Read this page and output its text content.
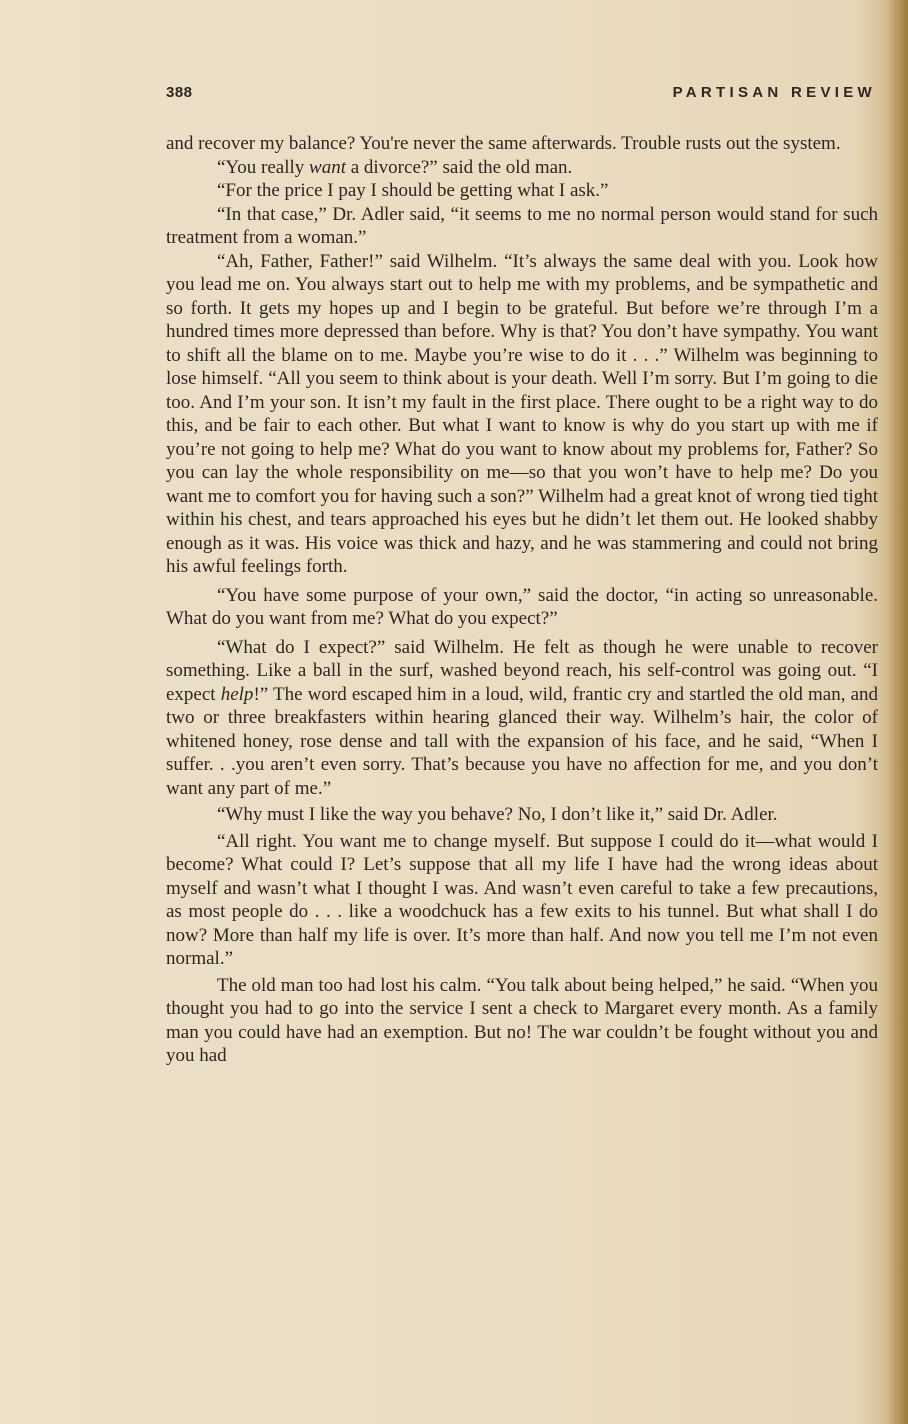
388	PARTISAN REVIEW

and recover my balance? You're never the same afterwards. Trouble rusts out the system.

“You really want a divorce?” said the old man.

“For the price I pay I should be getting what I ask.”

“In that case,” Dr. Adler said, “it seems to me no normal person would stand for such treatment from a woman.”

“Ah, Father, Father!” said Wilhelm. “It’s always the same deal with you. Look how you lead me on. You always start out to help me with my problems, and be sympathetic and so forth. It gets my hopes up and I begin to be grateful. But before we’re through I’m a hundred times more depressed than before. Why is that? You don’t have sympathy. You want to shift all the blame on to me. Maybe you’re wise to do it . . .” Wilhelm was beginning to lose himself. “All you seem to think about is your death. Well I’m sorry. But I’m going to die too. And I’m your son. It isn’t my fault in the first place. There ought to be a right way to do this, and be fair to each other. But what I want to know is why do you start up with me if you’re not going to help me? What do you want to know about my problems for, Father? So you can lay the whole responsibility on me—so that you won’t have to help me? Do you want me to comfort you for having such a son?” Wilhelm had a great knot of wrong tied tight within his chest, and tears approached his eyes but he didn’t let them out. He looked shabby enough as it was. His voice was thick and hazy, and he was stammering and could not bring his awful feelings forth.

“You have some purpose of your own,” said the doctor, “in acting so unreasonable. What do you want from me? What do you expect?”

“What do I expect?” said Wilhelm. He felt as though he were unable to recover something. Like a ball in the surf, washed beyond reach, his self-control was going out. “I expect help!” The word escaped him in a loud, wild, frantic cry and startled the old man, and two or three breakfasters within hearing glanced their way. Wilhelm’s hair, the color of whitened honey, rose dense and tall with the expansion of his face, and he said, “When I suffer. . .you aren’t even sorry. That’s because you have no affection for me, and you don’t want any part of me.”

“Why must I like the way you behave? No, I don’t like it,” said Dr. Adler.

“All right. You want me to change myself. But suppose I could do it—what would I become? What could I? Let’s suppose that all my life I have had the wrong ideas about myself and wasn’t what I thought I was. And wasn’t even careful to take a few precautions, as most people do . . . like a woodchuck has a few exits to his tunnel. But what shall I do now? More than half my life is over. It’s more than half. And now you tell me I’m not even normal.”

The old man too had lost his calm. “You talk about being helped,” he said. “When you thought you had to go into the service I sent a check to Margaret every month. As a family man you could have had an exemption. But no! The war couldn’t be fought without you and you had
